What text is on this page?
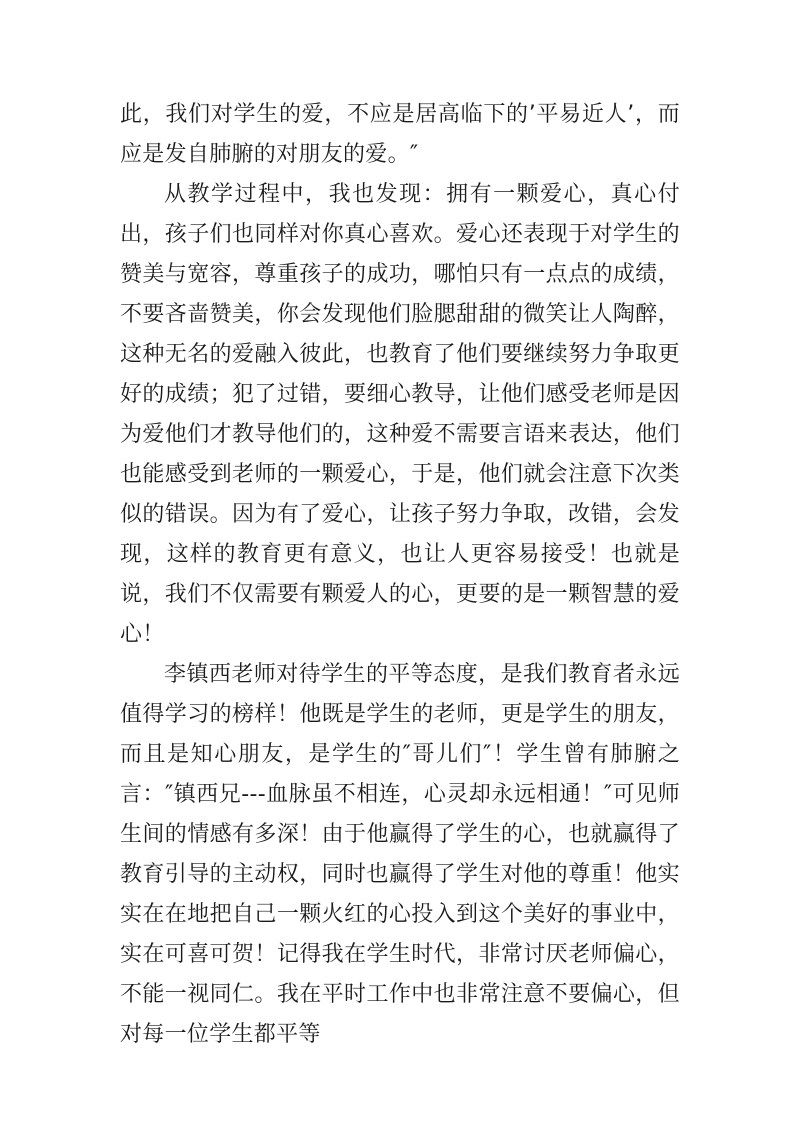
此，我们对学生的爱，不应是居高临下的’平易近人’，而应是发自肺腑的对朋友的爱。″

从教学过程中，我也发现：拥有一颗爱心，真心付出，孩子们也同样对你真心喜欢。爱心还表现于对学生的赞美与宽容，尊重孩子的成功，哪怕只有一点点的成绩，不要吝啬赞美，你会发现他们脸腮甜甜的微笑让人陶醉，这种无名的爱融入彼此，也教育了他们要继续努力争取更好的成绩；犯了过错，要细心教导，让他们感受老师是因为爱他们才教导他们的，这种爱不需要言语来表达，他们也能感受到老师的一颗爱心，于是，他们就会注意下次类似的错误。因为有了爱心，让孩子努力争取，改错，会发现，这样的教育更有意义，也让人更容易接受！也就是说，我们不仅需要有颗爱人的心，更要的是一颗智慧的爱心！

李镇西老师对待学生的平等态度，是我们教育者永远值得学习的榜样！他既是学生的老师，更是学生的朋友，而且是知心朋友，是学生的″哥儿们″！学生曾有肺腑之言：″镇西兄---血脉虽不相连，心灵却永远相通！″可见师生间的情感有多深！由于他赢得了学生的心，也就赢得了教育引导的主动权，同时也赢得了学生对他的尊重！他实实在在地把自己一颗火红的心投入到这个美好的事业中，实在可喜可贺！记得我在学生时代，非常讨厌老师偏心，不能一视同仁。我在平时工作中也非常注意不要偏心，但对每一位学生都平等
